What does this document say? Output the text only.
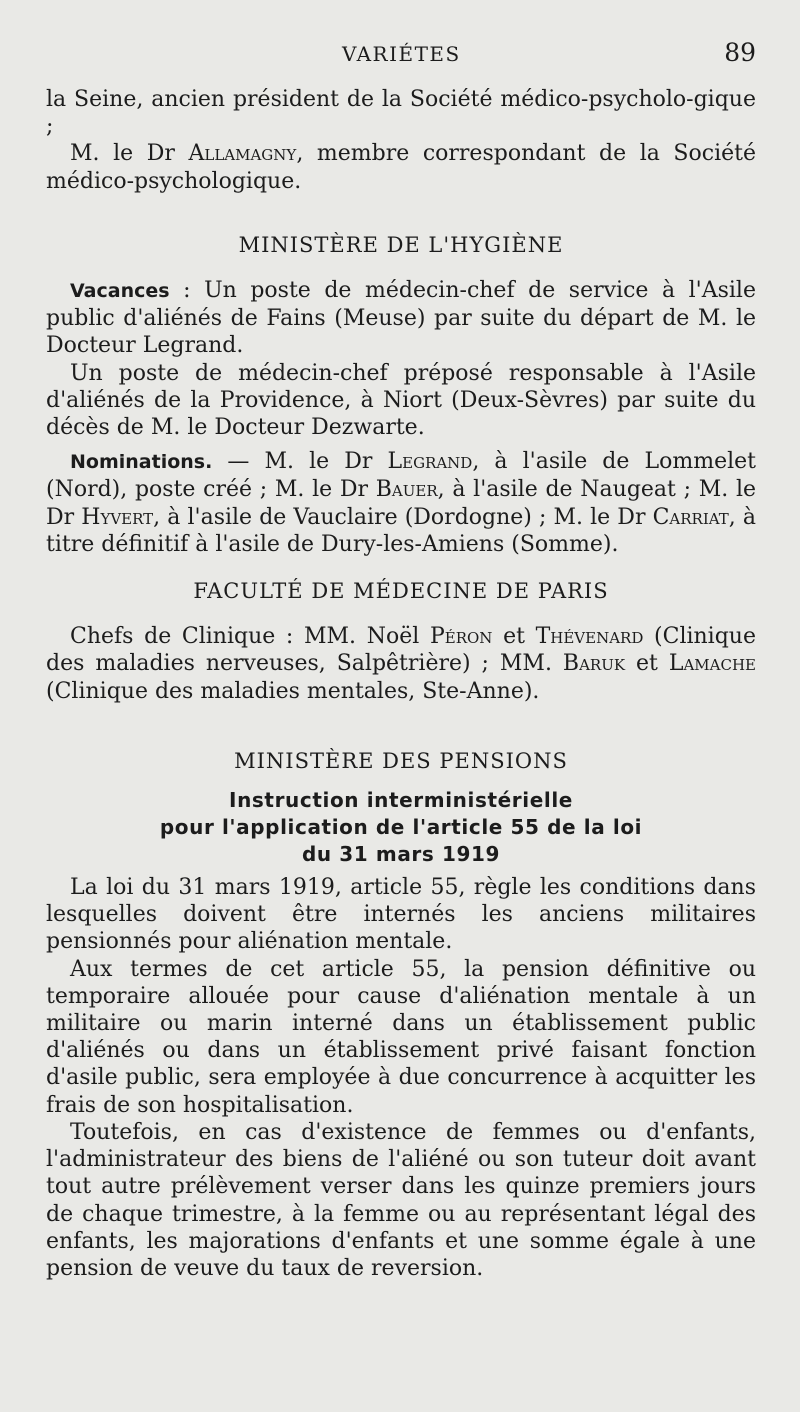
VARIÉTES	89

la Seine, ancien président de la Société médico-psycholo-gique ;

M. le Dr Allamagny, membre correspondant de la Société médico-psychologique.

MINISTÈRE DE L'HYGIÈNE

Vacances : Un poste de médecin-chef de service à l'Asile public d'aliénés de Fains (Meuse) par suite du départ de M. le Docteur Legrand.

Un poste de médecin-chef préposé responsable à l'Asile d'aliénés de la Providence, à Niort (Deux-Sèvres) par suite du décès de M. le Docteur Dezwarte.

Nominations. — M. le Dr Legrand, à l'asile de Lommelet (Nord), poste créé ; M. le Dr Bauer, à l'asile de Naugeat ; M. le Dr Hyvert, à l'asile de Vauclaire (Dordogne) ; M. le Dr Carriat, à titre définitif à l'asile de Dury-les-Amiens (Somme).

FACULTÉ DE MÉDECINE DE PARIS

Chefs de Clinique : MM. Noël Péron et Thévenard (Clinique des maladies nerveuses, Salpêtrière) ; MM. Baruk et Lamache (Clinique des maladies mentales, Ste-Anne).

MINISTÈRE DES PENSIONS
Instruction interministérielle
pour l'application de l'article 55 de la loi
du 31 mars 1919

La loi du 31 mars 1919, article 55, règle les conditions dans lesquelles doivent être internés les anciens militaires pensionnés pour aliénation mentale.

Aux termes de cet article 55, la pension définitive ou temporaire allouée pour cause d'aliénation mentale à un militaire ou marin interné dans un établissement public d'aliénés ou dans un établissement privé faisant fonction d'asile public, sera employée à due concurrence à acquitter les frais de son hospitalisation.

Toutefois, en cas d'existence de femmes ou d'enfants, l'administrateur des biens de l'aliéné ou son tuteur doit avant tout autre prélèvement verser dans les quinze premiers jours de chaque trimestre, à la femme ou au représentant légal des enfants, les majorations d'enfants et une somme égale à une pension de veuve du taux de reversion.
